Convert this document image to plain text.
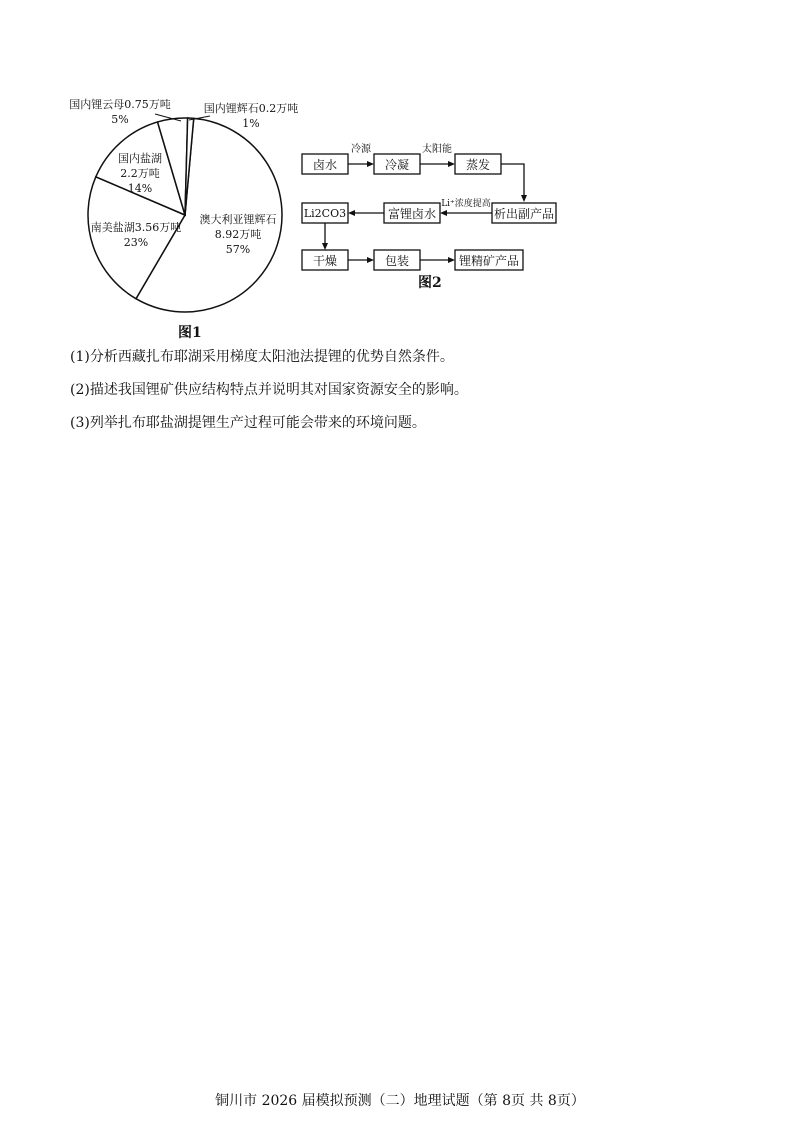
澳大利亚锂辉石
8.92万吨
57%
南美盐湖3.56万吨
23%
国内盐湖
2.2万吨
14%
国内锂云母0.75万吨
5%
国内锂辉石0.2万吨
1%
图1
卤水	冷凝	蒸发
冷源	太阳能
析出副产品
富锂卤水
Li2CO3
Li⁺浓度提高
干燥	包装	锂精矿产品
图2

(1)分析西藏扎布耶湖采用梯度太阳池法提锂的优势自然条件。

(2)描述我国锂矿供应结构特点并说明其对国家资源安全的影响。

(3)列举扎布耶盐湖提锂生产过程可能会带来的环境问题。

铜川市 2026 届模拟预测（二）地理试题（第 8页 共 8页）
